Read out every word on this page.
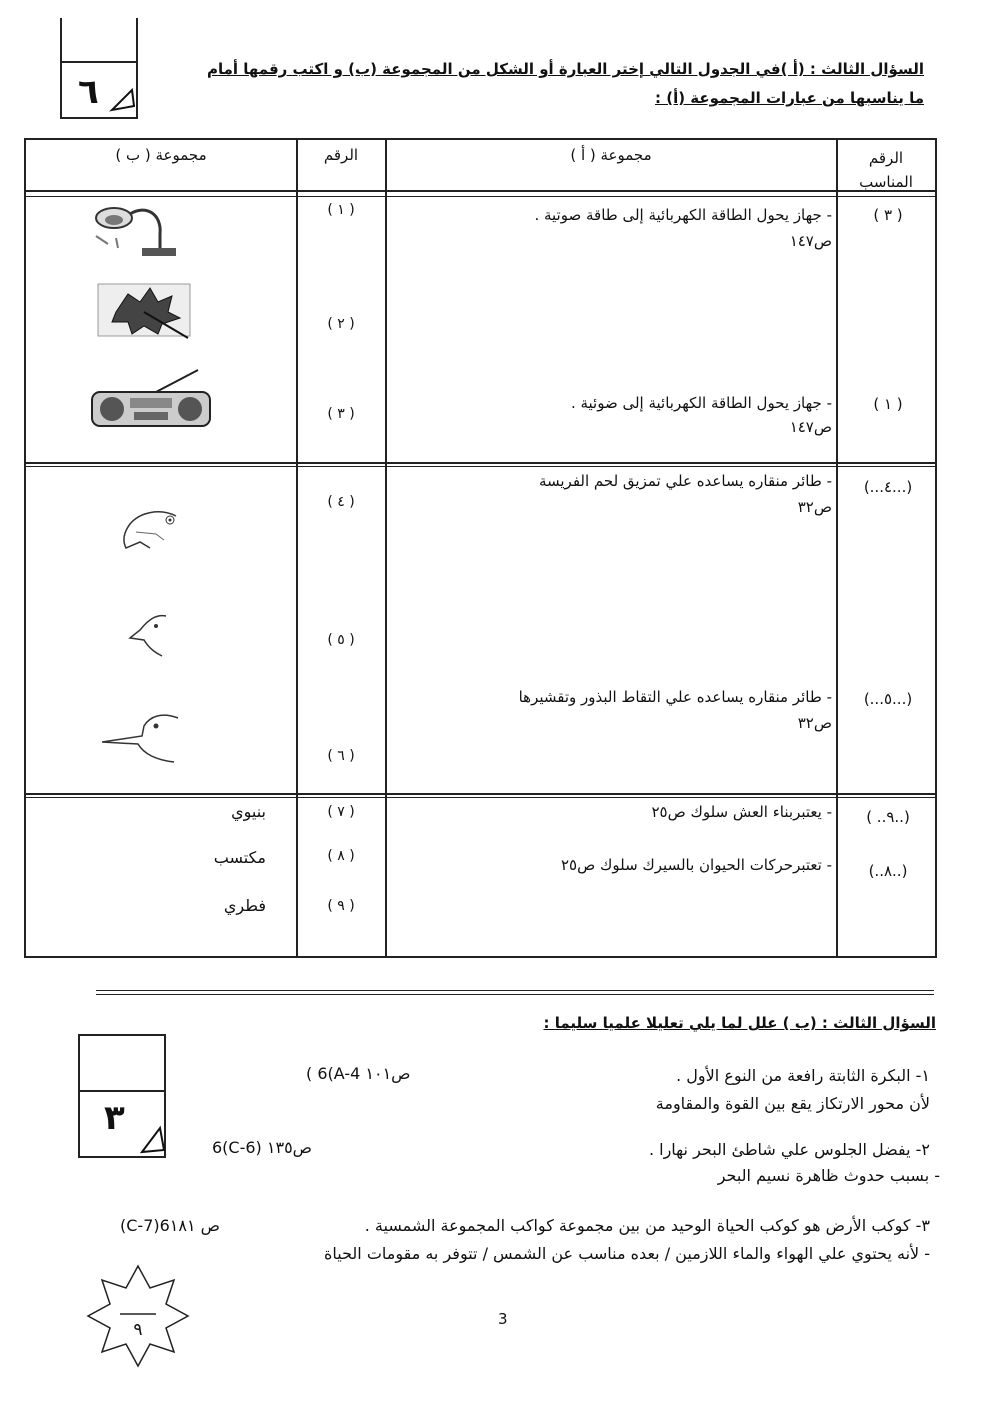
٦
السؤال الثالث : (أ )في الجدول التالي إختر العبارة أو الشكل من المجموعة (ب) و اكتب رقمها أمام
ما يناسبها من عبارات المجموعة (أ) :
الرقم المناسب
مجموعة ( أ )
الرقم
مجموعة ( ب )
( ٣ )
( ١ )
- جهاز يحول الطاقة الكهربائية إلى طاقة صوتية .
ص١٤٧
- جهاز يحول الطاقة الكهربائية إلى ضوئية .
ص١٤٧
( ١ )
( ٢ )
( ٣ )
(...٤...)
(...٥...)
- طائر منقاره يساعده علي تمزيق لحم الفريسة
ص٣٢
- طائر منقاره يساعده علي التقاط البذور وتقشيرها
ص٣٢
( ٤ )
( ٥ )
( ٦ )
( ..٩..)
(..٨..)
- يعتبربناء العش سلوك ص٢٥
- تعتبرحركات الحيوان بالسيرك سلوك ص٢٥
( ٧ )
( ٨ )
( ٩ )
بنيوي
مكتسب
فطري
السؤال الثالث : (ب ) علل لما يلي تعليلا علميا سليما :
٣
١- البكرة الثابتة رافعة من النوع الأول .
( 6(A-4 ص١٠١
لأن محور الارتكاز يقع بين القوة والمقاومة
٢- يفضل الجلوس علي شاطئ البحر نهارا .
6(C-6) ص١٣٥
- بسبب حدوث ظاهرة نسيم البحر
٣- كوكب الأرض هو كوكب الحياة الوحيد من بين مجموعة كواكب المجموعة الشمسية .
(C-7)6ص ١٨١
- لأنه يحتوي علي الهواء والماء اللازمين / بعده مناسب عن الشمس / تتوفر به مقومات الحياة
٩
3
